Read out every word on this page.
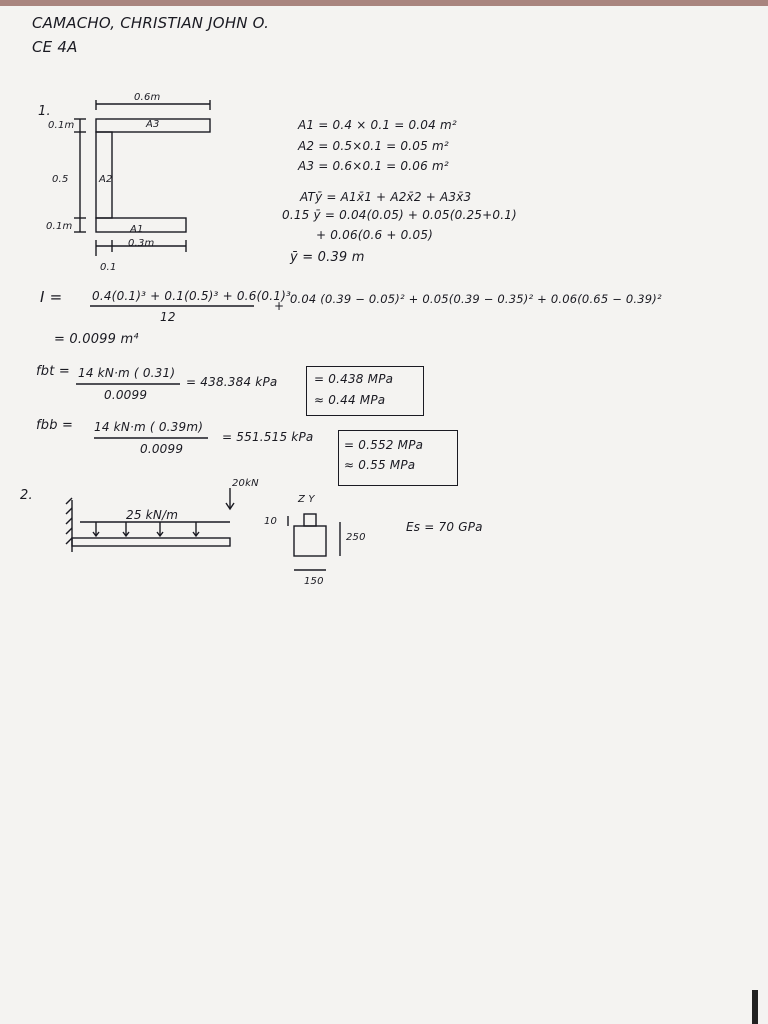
CAMACHO, CHRISTIAN JOHN O.
CE 4A
1.
0.6m
0.1m
0.5
0.1m
0.3m
0.1
A3
A2
A1
A1 = 0.4 × 0.1 = 0.04 m²
A2 = 0.5×0.1 = 0.05 m²
A3 = 0.6×0.1 = 0.06 m²
ATȳ = A1x̄1 + A2x̄2 + A3x̄3
0.15 ȳ = 0.04(0.05) + 0.05(0.25+0.1)
+ 0.06(0.6 + 0.05)
ȳ = 0.39 m
I = 0.4(0.1)³ + 0.1(0.5)³ + 0.6(0.1)³
12
+ 0.04 (0.39 − 0.05)² + 0.05(0.39 − 0.35)² + 0.06(0.65 − 0.39)²
= 0.0099 m⁴
fbt = 14 kN·m ( 0.31)
0.0099
= 438.384 kPa	= 0.438 MPa
≈ 0.44 MPa
fbb = 14 kN·m ( 0.39m)
0.0099
= 551.515 kPa
= 0.552 MPa
≈ 0.55 MPa
2.
25 kN/m
20kN
10
Z Y
250
150
Es = 70 GPa
